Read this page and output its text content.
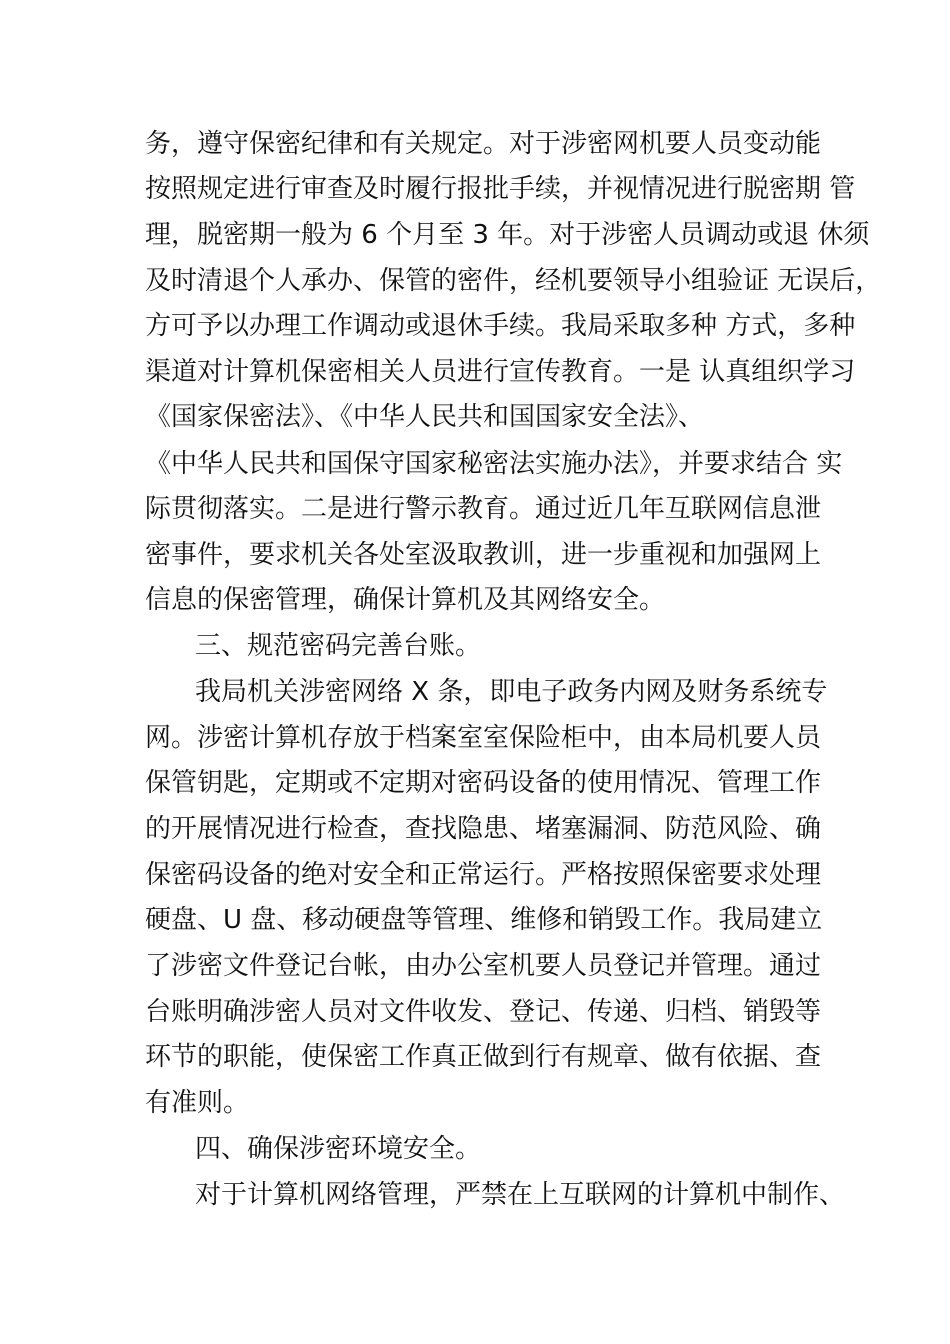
务，遵守保密纪律和有关规定。对于涉密网机要人员变动能
按照规定进行审查及时履行报批手续，并视情况进行脱密期 管
理，脱密期一般为 6 个月至 3 年。对于涉密人员调动或退 休须
及时清退个人承办、保管的密件，经机要领导小组验证 无误后，
方可予以办理工作调动或退休手续。我局采取多种 方式，多种
渠道对计算机保密相关人员进行宣传教育。一是 认真组织学习
《国家保密法》、《中华人民共和国国家安全法》、
《中华人民共和国保守国家秘密法实施办法》，并要求结合 实
际贯彻落实。二是进行警示教育。通过近几年互联网信息泄
密事件，要求机关各处室汲取教训，进一步重视和加强网上
信息的保密管理，确保计算机及其网络安全。
三、规范密码完善台账。
我局机关涉密网络 X 条，即电子政务内网及财务系统专
网。涉密计算机存放于档案室室保险柜中，由本局机要人员
保管钥匙，定期或不定期对密码设备的使用情况、管理工作
的开展情况进行检查，查找隐患、堵塞漏洞、防范风险、确
保密码设备的绝对安全和正常运行。严格按照保密要求处理
硬盘、U 盘、移动硬盘等管理、维修和销毁工作。我局建立
了涉密文件登记台帐，由办公室机要人员登记并管理。通过
台账明确涉密人员对文件收发、登记、传递、归档、销毁等
环节的职能，使保密工作真正做到行有规章、做有依据、查
有准则。
四、确保涉密环境安全。
对于计算机网络管理，严禁在上互联网的计算机中制作、
